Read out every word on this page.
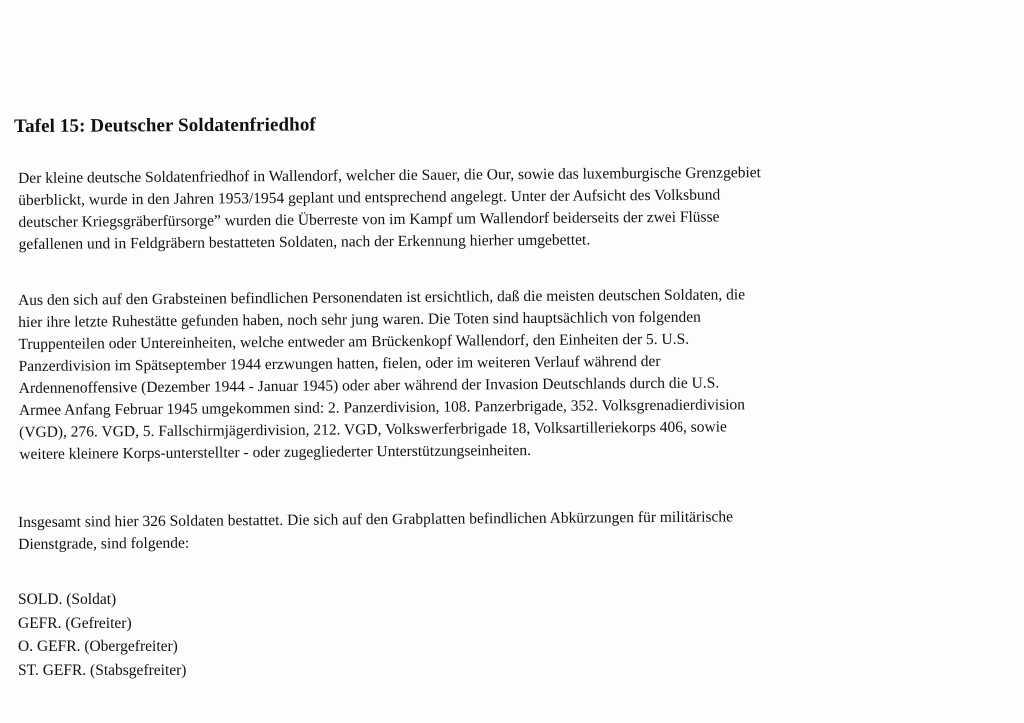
Tafel 15: Deutscher Soldatenfriedhof

Der kleine deutsche Soldatenfriedhof in Wallendorf, welcher die Sauer, die Our, sowie das luxemburgische Grenzgebiet
überblickt, wurde in den Jahren 1953/1954 geplant und entsprechend angelegt. Unter der Aufsicht des Volksbund
deutscher Kriegsgräberfürsorge” wurden die Überreste von im Kampf um Wallendorf beiderseits der zwei Flüsse
gefallenen und in Feldgräbern bestatteten Soldaten, nach der Erkennung hierher umgebettet.

Aus den sich auf den Grabsteinen befindlichen Personendaten ist ersichtlich, daß die meisten deutschen Soldaten, die
hier ihre letzte Ruhestätte gefunden haben, noch sehr jung waren. Die Toten sind hauptsächlich von folgenden
Truppenteilen oder Untereinheiten, welche entweder am Brückenkopf Wallendorf, den Einheiten der 5. U.S.
Panzerdivision im Spätseptember 1944 erzwungen hatten, fielen, oder im weiteren Verlauf während der
Ardennenoffensive (Dezember 1944 - Januar 1945) oder aber während der Invasion Deutschlands durch die U.S.
Armee Anfang Februar 1945 umgekommen sind: 2. Panzerdivision, 108. Panzerbrigade, 352. Volksgrenadierdivision
(VGD), 276. VGD, 5. Fallschirmjägerdivision, 212. VGD, Volkswerferbrigade 18, Volksartilleriekorps 406, sowie
weitere kleinere Korps-unterstellter - oder zugegliederter Unterstützungseinheiten.

Insgesamt sind hier 326 Soldaten bestattet. Die sich auf den Grabplatten befindlichen Abkürzungen für militärische
Dienstgrade, sind folgende:

SOLD. (Soldat)
GEFR. (Gefreiter)
O. GEFR. (Obergefreiter)
ST. GEFR. (Stabsgefreiter)
